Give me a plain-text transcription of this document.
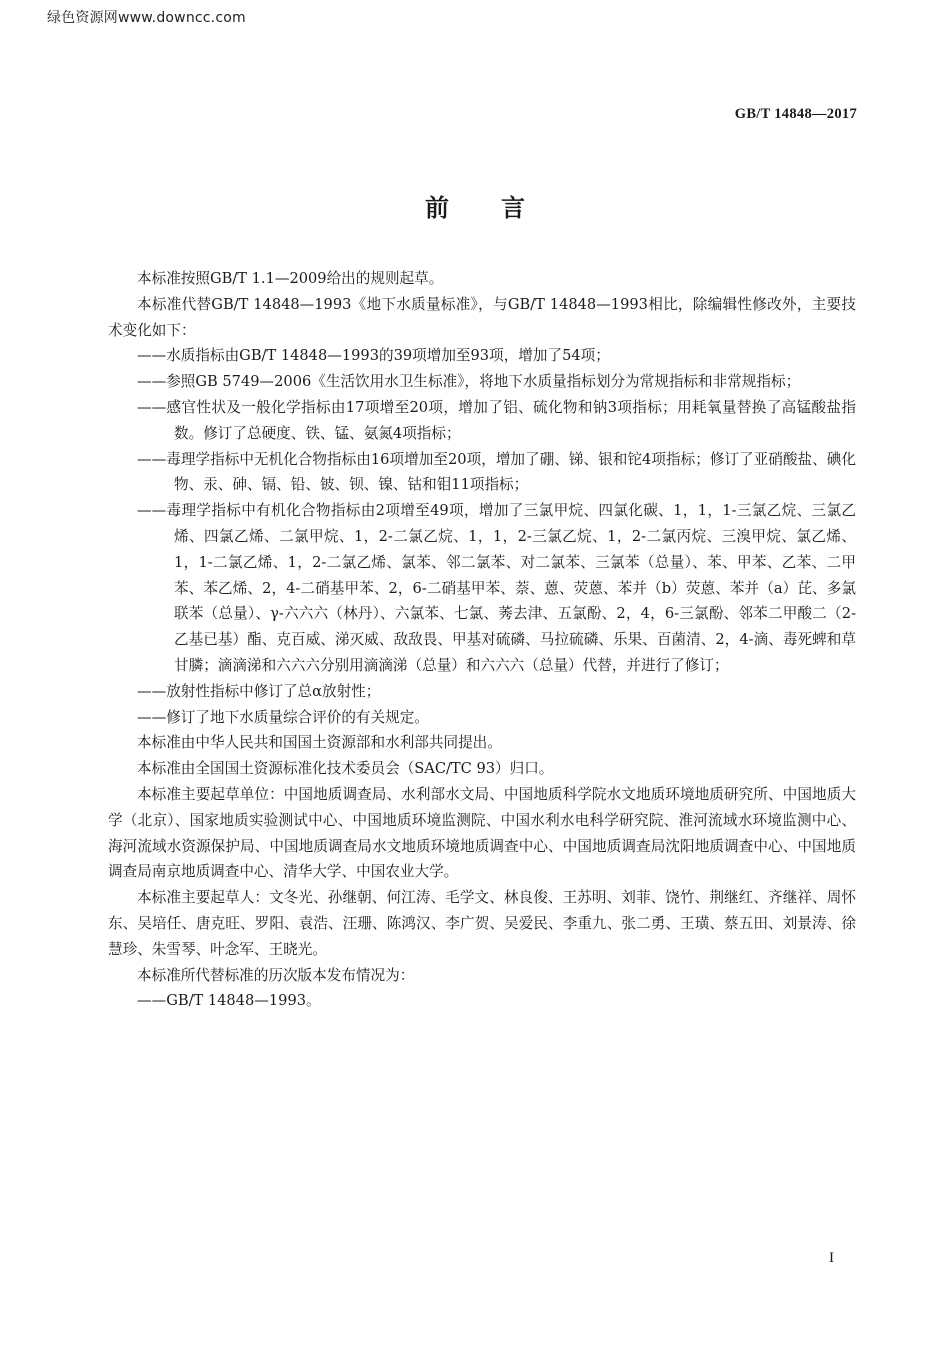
绿色资源网www.downcc.com
GB/T 14848—2017
前 言

本标准按照GB/T 1.1—2009给出的规则起草。

本标准代替GB/T 14848—1993《地下水质量标准》，与GB/T 14848—1993相比，除编辑性修改外，主要技术变化如下：

——水质指标由GB/T 14848—1993的39项增加至93项，增加了54项；

——参照GB 5749—2006《生活饮用水卫生标准》，将地下水质量指标划分为常规指标和非常规指标；

——感官性状及一般化学指标由17项增至20项，增加了铝、硫化物和钠3项指标；用耗氧量替换了高锰酸盐指数。修订了总硬度、铁、锰、氨氮4项指标；

——毒理学指标中无机化合物指标由16项增加至20项，增加了硼、锑、银和铊4项指标；修订了亚硝酸盐、碘化物、汞、砷、镉、铅、铍、钡、镍、钴和钼11项指标；

——毒理学指标中有机化合物指标由2项增至49项，增加了三氯甲烷、四氯化碳、1，1，1-三氯乙烷、三氯乙烯、四氯乙烯、二氯甲烷、1，2-二氯乙烷、1，1，2-三氯乙烷、1，2-二氯丙烷、三溴甲烷、氯乙烯、1，1-二氯乙烯、1，2-二氯乙烯、氯苯、邻二氯苯、对二氯苯、三氯苯（总量）、苯、甲苯、乙苯、二甲苯、苯乙烯、2，4-二硝基甲苯、2，6-二硝基甲苯、萘、蒽、荧蒽、苯并（b）荧蒽、苯并（a）芘、多氯联苯（总量）、γ-六六六（林丹）、六氯苯、七氯、莠去津、五氯酚、2，4，6-三氯酚、邻苯二甲酸二（2-乙基已基）酯、克百威、涕灭威、敌敌畏、甲基对硫磷、马拉硫磷、乐果、百菌清、2，4-滴、毒死蜱和草甘膦；滴滴涕和六六六分别用滴滴涕（总量）和六六六（总量）代替，并进行了修订；

——放射性指标中修订了总α放射性；

——修订了地下水质量综合评价的有关规定。

本标准由中华人民共和国国土资源部和水利部共同提出。

本标准由全国国土资源标准化技术委员会（SAC/TC 93）归口。

本标准主要起草单位：中国地质调查局、水利部水文局、中国地质科学院水文地质环境地质研究所、中国地质大学（北京）、国家地质实验测试中心、中国地质环境监测院、中国水利水电科学研究院、淮河流域水环境监测中心、海河流域水资源保护局、中国地质调查局水文地质环境地质调查中心、中国地质调查局沈阳地质调查中心、中国地质调查局南京地质调查中心、清华大学、中国农业大学。

本标准主要起草人：文冬光、孙继朝、何江涛、毛学文、林良俊、王苏明、刘菲、饶竹、荆继红、齐继祥、周怀东、吴培任、唐克旺、罗阳、袁浩、汪珊、陈鸿汉、李广贺、吴爱民、李重九、张二勇、王璜、蔡五田、刘景涛、徐慧珍、朱雪琴、叶念军、王晓光。

本标准所代替标准的历次版本发布情况为：

——GB/T 14848—1993。

I
